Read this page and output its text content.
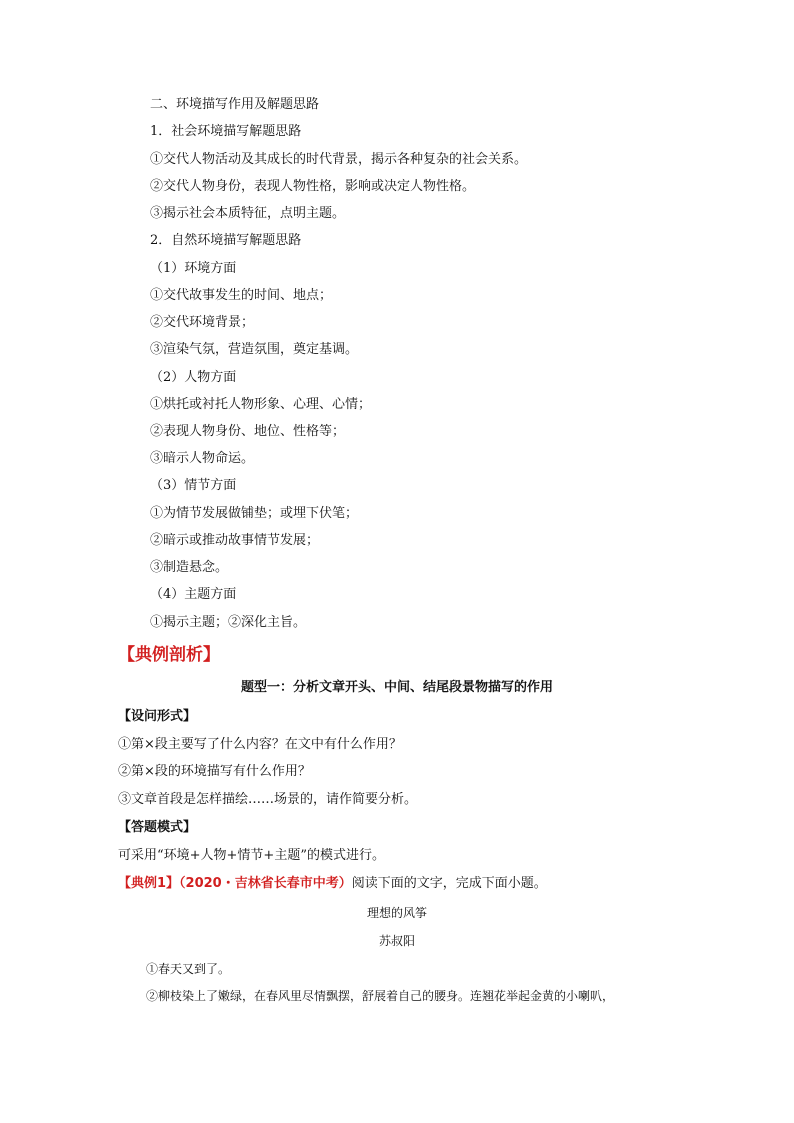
二、环境描写作用及解题思路
1．社会环境描写解题思路
①交代人物活动及其成长的时代背景，揭示各种复杂的社会关系。
②交代人物身份，表现人物性格，影响或决定人物性格。
③揭示社会本质特征，点明主题。
2．自然环境描写解题思路
（1）环境方面
①交代故事发生的时间、地点；
②交代环境背景；
③渲染气氛，营造氛围，奠定基调。
（2）人物方面
①烘托或衬托人物形象、心理、心情；
②表现人物身份、地位、性格等；
③暗示人物命运。
（3）情节方面
①为情节发展做铺垫；或埋下伏笔；
②暗示或推动故事情节发展；
③制造悬念。
（4）主题方面
①揭示主题；②深化主旨。
【典例剖析】
题型一：分析文章开头、中间、结尾段景物描写的作用
【设问形式】
①第×段主要写了什么内容？在文中有什么作用？
②第×段的环境描写有什么作用？
③文章首段是怎样描绘……场景的，请作简要分析。
【答题模式】
可采用“环境+人物+情节+主题”的模式进行。
【典例1】（2020・吉林省长春市中考）阅读下面的文字，完成下面小题。
理想的风筝
苏叔阳
①春天又到了。
②柳枝染上了嫩绿，在春风里尽情飘摆，舒展着自己的腰身。连翘花举起金黄的小喇叭，
